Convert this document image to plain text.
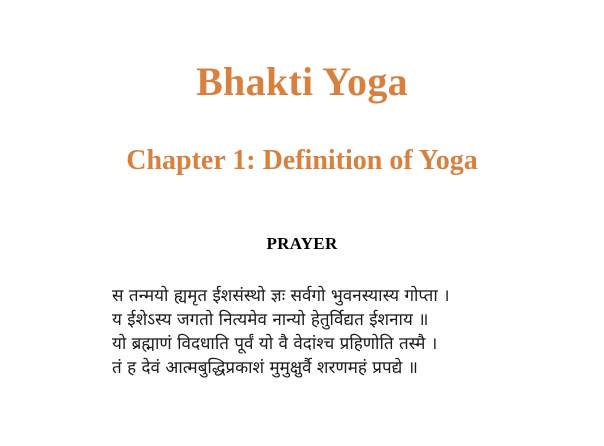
Bhakti Yoga
Chapter 1: Definition of Yoga
PRAYER
स तन्मयो ह्यमृत ईशसंस्थो ज्ञः सर्वगो भुवनस्यास्य गोप्ता ।
य ईशेऽस्य जगतो नित्यमेव नान्यो हेतुर्विद्यत ईशनाय ॥
यो ब्रह्माणं विदधाति पूर्वं यो वै वेदांश्च प्रहिणोति तस्मै ।
तं ह देवं आत्मबुद्धिप्रकाशं मुमुक्षुर्वै शरणमहं प्रपद्ये ॥
